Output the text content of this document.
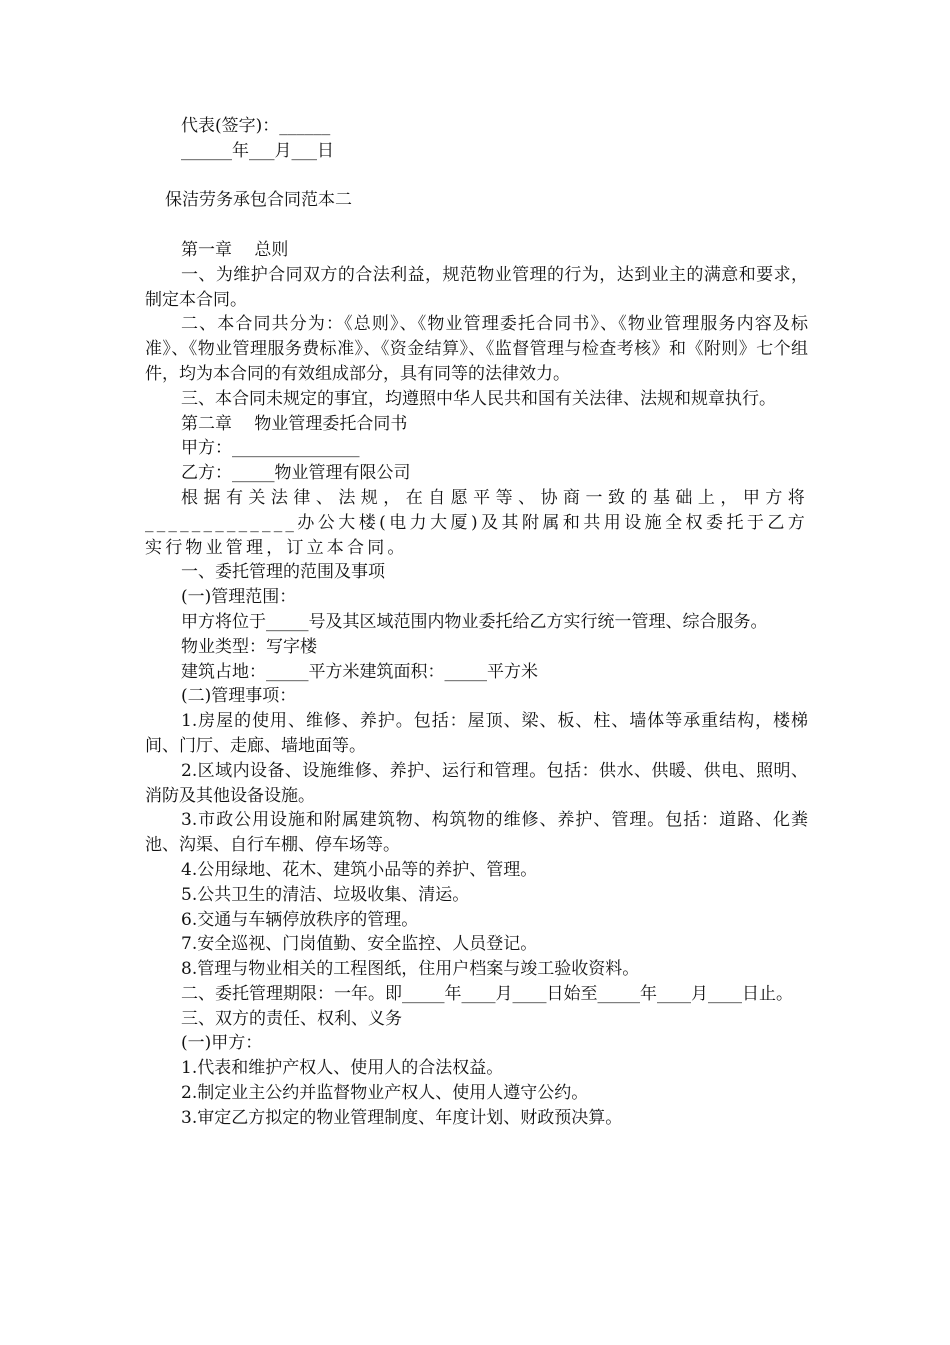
代表(签字)：______

______年___月___日

保洁劳务承包合同范本二

第一章　 总则

一、为维护合同双方的合法利益，规范物业管理的行为，达到业主的满意和要求，制定本合同。

二、本合同共分为：《总则》、《物业管理委托合同书》、《物业管理服务内容及标准》、《物业管理服务费标准》、《资金结算》、《监督管理与检查考核》和《附则》七个组件，均为本合同的有效组成部分，具有同等的法律效力。

三、本合同未规定的事宜，均遵照中华人民共和国有关法律、法规和规章执行。

第二章　 物业管理委托合同书

甲方：_______________

乙方：_____物业管理有限公司

根据有关法律、法规，在自愿平等、协商一致的基础上，甲方将_____________办公大楼(电力大厦)及其附属和共用设施全权委托于乙方实行物业管理，订立本合同。

一、委托管理的范围及事项

(一)管理范围：

甲方将位于_____号及其区域范围内物业委托给乙方实行统一管理、综合服务。

物业类型：写字楼

建筑占地：_____平方米建筑面积：_____平方米

(二)管理事项：

1.房屋的使用、维修、养护。包括：屋顶、梁、板、柱、墙体等承重结构，楼梯间、门厅、走廊、墙地面等。

2.区域内设备、设施维修、养护、运行和管理。包括：供水、供暖、供电、照明、消防及其他设备设施。

3.市政公用设施和附属建筑物、构筑物的维修、养护、管理。包括：道路、化粪池、沟渠、自行车棚、停车场等。

4.公用绿地、花木、建筑小品等的养护、管理。

5.公共卫生的清洁、垃圾收集、清运。

6.交通与车辆停放秩序的管理。

7.安全巡视、门岗值勤、安全监控、人员登记。

8.管理与物业相关的工程图纸，住用户档案与竣工验收资料。

二、委托管理期限：一年。即_____年____月____日始至_____年____月____日止。

三、双方的责任、权利、义务

(一)甲方：

1.代表和维护产权人、使用人的合法权益。

2.制定业主公约并监督物业产权人、使用人遵守公约。

3.审定乙方拟定的物业管理制度、年度计划、财政预决算。
